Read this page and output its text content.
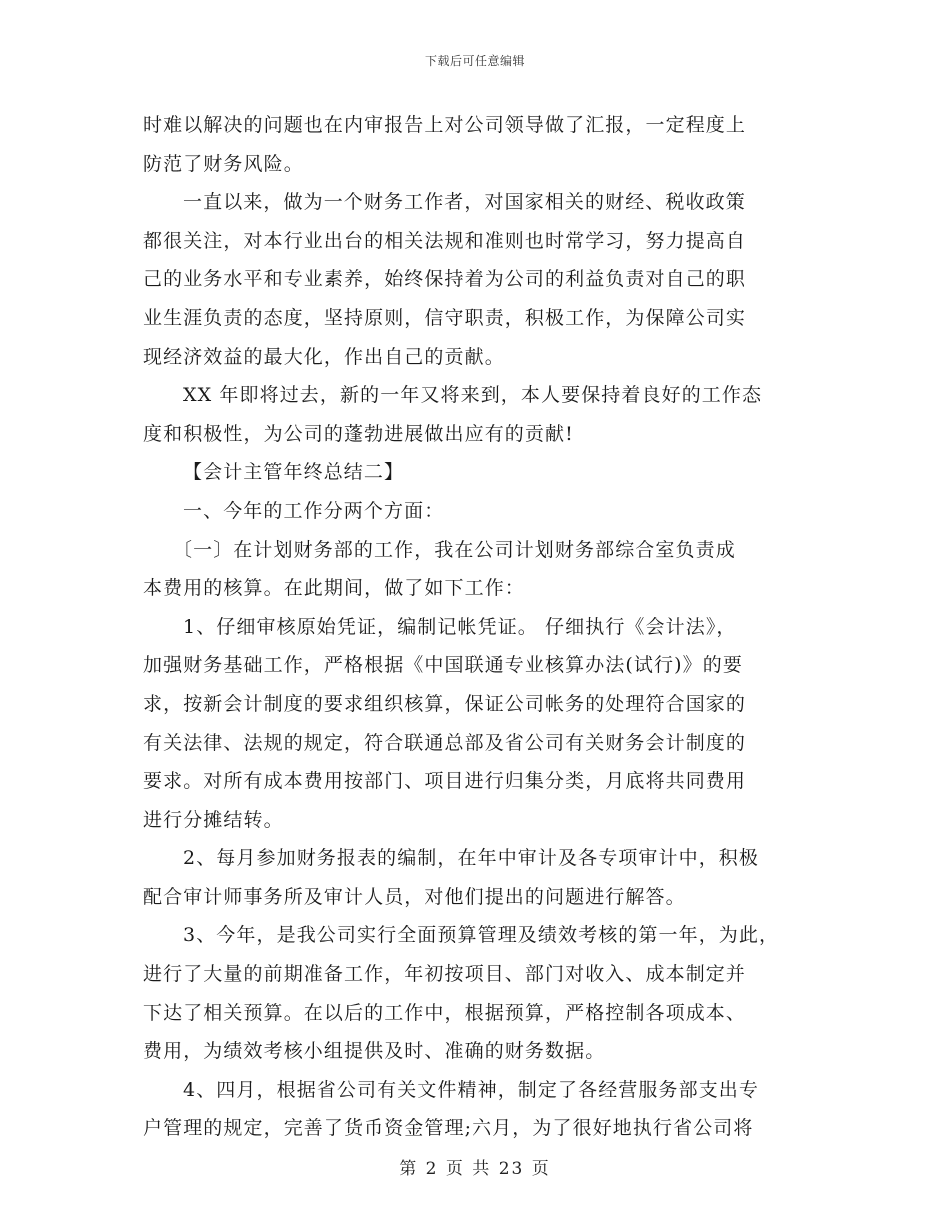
下载后可任意编辑
时难以解决的问题也在内审报告上对公司领导做了汇报，一定程度上
防范了财务风险。
一直以来，做为一个财务工作者，对国家相关的财经、税收政策
都很关注，对本行业出台的相关法规和准则也时常学习，努力提高自
己的业务水平和专业素养，始终保持着为公司的利益负责对自己的职
业生涯负责的态度，坚持原则，信守职责，积极工作，为保障公司实
现经济效益的最大化，作出自己的贡献。
XX 年即将过去，新的一年又将来到，本人要保持着良好的工作态
度和积极性，为公司的蓬勃进展做出应有的贡献!
【会计主管年终总结二】
一、今年的工作分两个方面：
〔一〕在计划财务部的工作，我在公司计划财务部综合室负责成
本费用的核算。在此期间，做了如下工作：
1、仔细审核原始凭证，编制记帐凭证。 仔细执行《会计法》，
加强财务基础工作，严格根据《中国联通专业核算办法(试行)》的要
求，按新会计制度的要求组织核算，保证公司帐务的处理符合国家的
有关法律、法规的规定，符合联通总部及省公司有关财务会计制度的
要求。对所有成本费用按部门、项目进行归集分类，月底将共同费用
进行分摊结转。
2、每月参加财务报表的编制，在年中审计及各专项审计中，积极
配合审计师事务所及审计人员，对他们提出的问题进行解答。
3、今年，是我公司实行全面预算管理及绩效考核的第一年，为此，
进行了大量的前期准备工作，年初按项目、部门对收入、成本制定并
下达了相关预算。在以后的工作中，根据预算，严格控制各项成本、
费用，为绩效考核小组提供及时、准确的财务数据。
4、四月，根据省公司有关文件精神，制定了各经营服务部支出专
户管理的规定，完善了货币资金管理;六月，为了很好地执行省公司将
第 2 页 共 23 页
